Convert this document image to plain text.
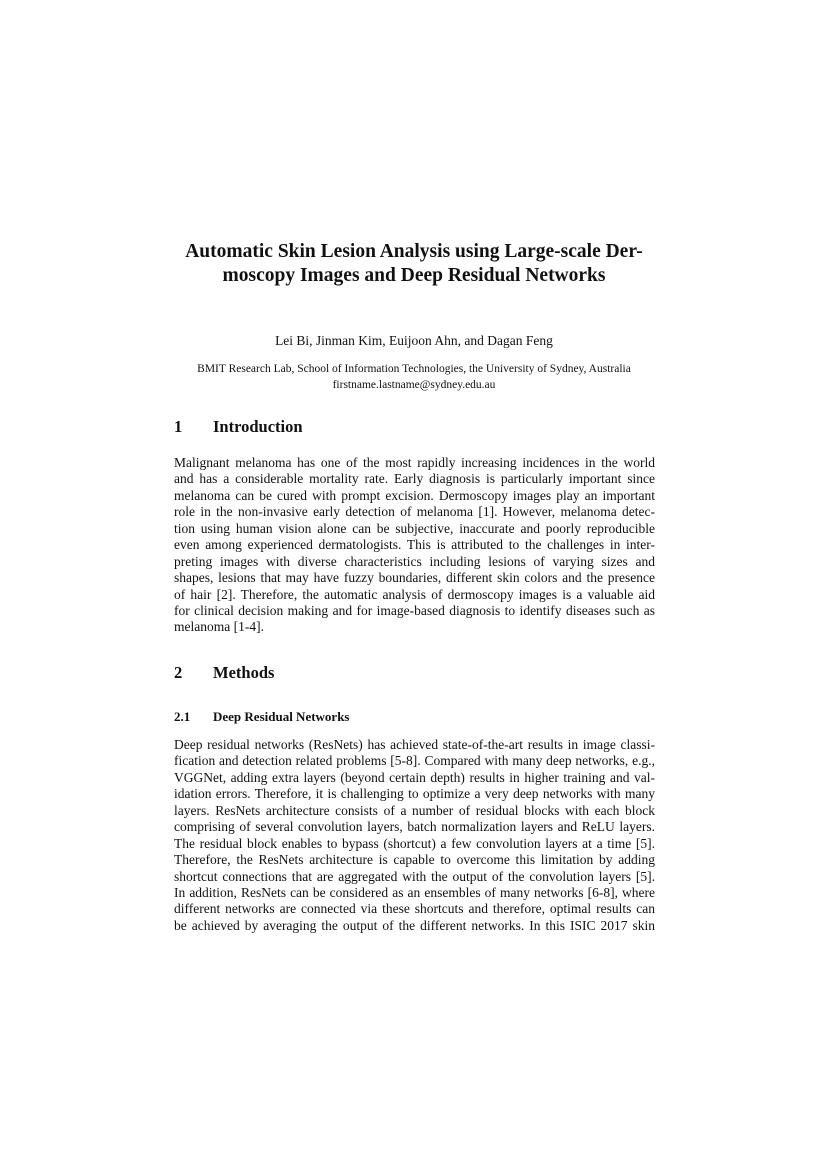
Automatic Skin Lesion Analysis using Large-scale Der-
moscopy Images and Deep Residual Networks
Lei Bi, Jinman Kim, Euijoon Ahn, and Dagan Feng
BMIT Research Lab, School of Information Technologies, the University of Sydney, Australia
firstname.lastname@sydney.edu.au
1 Introduction
Malignant melanoma has one of the most rapidly increasing incidences in the world
and has a considerable mortality rate. Early diagnosis is particularly important since
melanoma can be cured with prompt excision. Dermoscopy images play an important
role in the non-invasive early detection of melanoma [1]. However, melanoma detec-
tion using human vision alone can be subjective, inaccurate and poorly reproducible
even among experienced dermatologists. This is attributed to the challenges in inter-
preting images with diverse characteristics including lesions of varying sizes and
shapes, lesions that may have fuzzy boundaries, different skin colors and the presence
of hair [2]. Therefore, the automatic analysis of dermoscopy images is a valuable aid
for clinical decision making and for image-based diagnosis to identify diseases such as
melanoma [1-4].
2 Methods
2.1 Deep Residual Networks
Deep residual networks (ResNets) has achieved state-of-the-art results in image classi-
fication and detection related problems [5-8]. Compared with many deep networks, e.g.,
VGGNet, adding extra layers (beyond certain depth) results in higher training and val-
idation errors. Therefore, it is challenging to optimize a very deep networks with many
layers. ResNets architecture consists of a number of residual blocks with each block
comprising of several convolution layers, batch normalization layers and ReLU layers.
The residual block enables to bypass (shortcut) a few convolution layers at a time [5].
Therefore, the ResNets architecture is capable to overcome this limitation by adding
shortcut connections that are aggregated with the output of the convolution layers [5].
In addition, ResNets can be considered as an ensembles of many networks [6-8], where
different networks are connected via these shortcuts and therefore, optimal results can
be achieved by averaging the output of the different networks. In this ISIC 2017 skin
